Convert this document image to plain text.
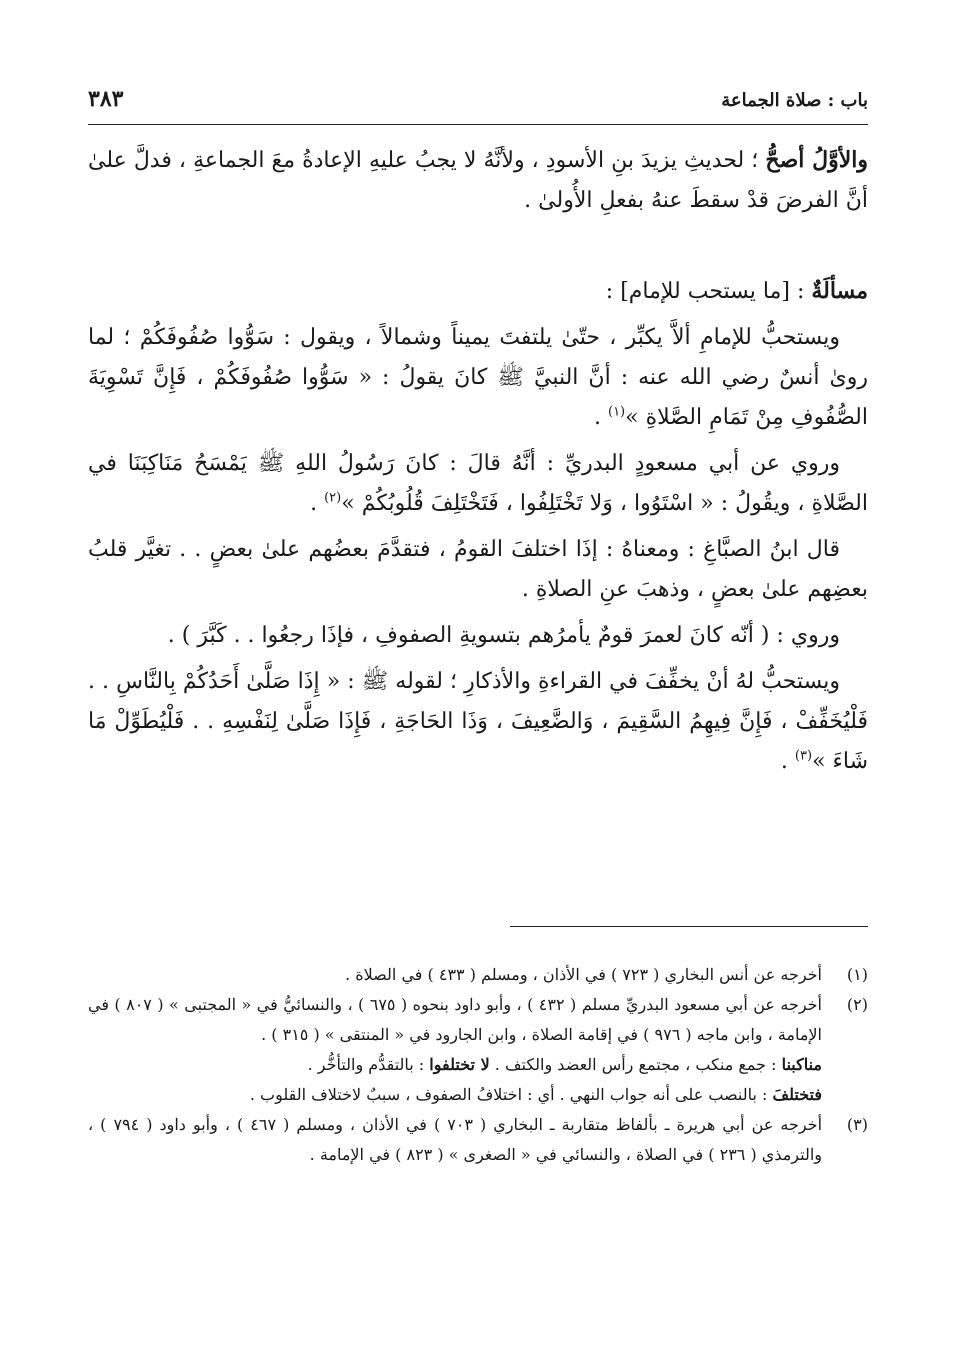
باب : صلاة الجماعة
٣٨٣

والأوَّلُ أصحُّ ؛ لحديثِ يزيدَ بنِ الأسودِ ، ولأنَّهُ لا يجبُ عليهِ الإعادةُ معَ الجماعةِ ، فدلَّ علىٰ أنَّ الفرضَ قدْ سقطَ عنهُ بفعلِ الأُولىٰ .

مسألَةٌ : [ما يستحب للإمام] :

ويستحبُّ للإمامِ ألاَّ يكبِّر ، حتّىٰ يلتفتَ يميناً وشمالاً ، ويقول : سَوُّوا صُفُوفَكُمْ ؛ لما روىٰ أنسٌ رضي الله عنه : أنَّ النبيَّ ﷺ كانَ يقولُ : « سَوُّوا صُفُوفَكُمْ ، فَإِنَّ تَسْوِيَةَ الصُّفُوفِ مِنْ تَمَامِ الصَّلاةِ »$^{(١)}$ .

وروي عن أبي مسعودٍ البدريِّ : أنَّهُ قالَ : كانَ رَسُولُ اللهِ ﷺ يَمْسَحُ مَنَاكِبَنَا في الصَّلاةِ ، ويقُولُ : « اسْتَوُوا ، وَلا تَخْتَلِفُوا ، فَتَخْتَلِفَ قُلُوبُكُمْ »$^{(٢)}$ .

قال ابنُ الصبَّاغِ : ومعناهُ : إذَا اختلفَ القومُ ، فتقدَّمَ بعضُهم علىٰ بعضٍ . . تغيَّر قلبُ بعضِهم علىٰ بعضٍ ، وذهبَ عنِ الصلاةِ .

وروي : ( أنّه كانَ لعمرَ قومٌ يأمرُهم بتسويةِ الصفوفِ ، فإذَا رجعُوا . . كَبَّرَ ) .

ويستحبُّ لهُ أنْ يخفِّفَ في القراءةِ والأذكارِ ؛ لقوله ﷺ : « إِذَا صَلَّىٰ أَحَدُكُمْ بِالنَّاسِ . . فَلْيُخَفِّفْ ، فَإِنَّ فِيهِمُ السَّقِيمَ ، وَالضَّعِيفَ ، وَذَا الحَاجَةِ ، فَإِذَا صَلَّىٰ لِنَفْسِهِ . . فَلْيُطَوِّلْ مَا شَاءَ »$^{(٣)}$ .

(١)
أخرجه عن أنس البخاري ( ٧٢٣ ) في الأذان ، ومسلم ( ٤٣٣ ) في الصلاة .
(٢)
أخرجه عن أبي مسعود البدريِّ مسلم ( ٤٣٢ ) ، وأبو داود بنحوه ( ٦٧٥ ) ، والنسائيُّ في « المجتبى » ( ٨٠٧ ) في الإمامة ، وابن ماجه ( ٩٧٦ ) في إقامة الصلاة ، وابن الجارود في « المنتقى » ( ٣١٥ ) .
مناكبنا : جمع منكب ، مجتمع رأس العضد والكتف . لا تختلفوا : بالتقدُّم والتأخُّر .
فتختلفَ : بالنصب على أنه جواب النهي . أي : اختلافُ الصفوف ، سببٌ لاختلاف القلوب .
(٣)
أخرجه عن أبي هريرة ـ بألفاظ متقاربة ـ البخاري ( ٧٠٣ ) في الأذان ، ومسلم ( ٤٦٧ ) ، وأبو داود ( ٧٩٤ ) ، والترمذي ( ٢٣٦ ) في الصلاة ، والنسائي في « الصغرى » ( ٨٢٣ ) في الإمامة .
